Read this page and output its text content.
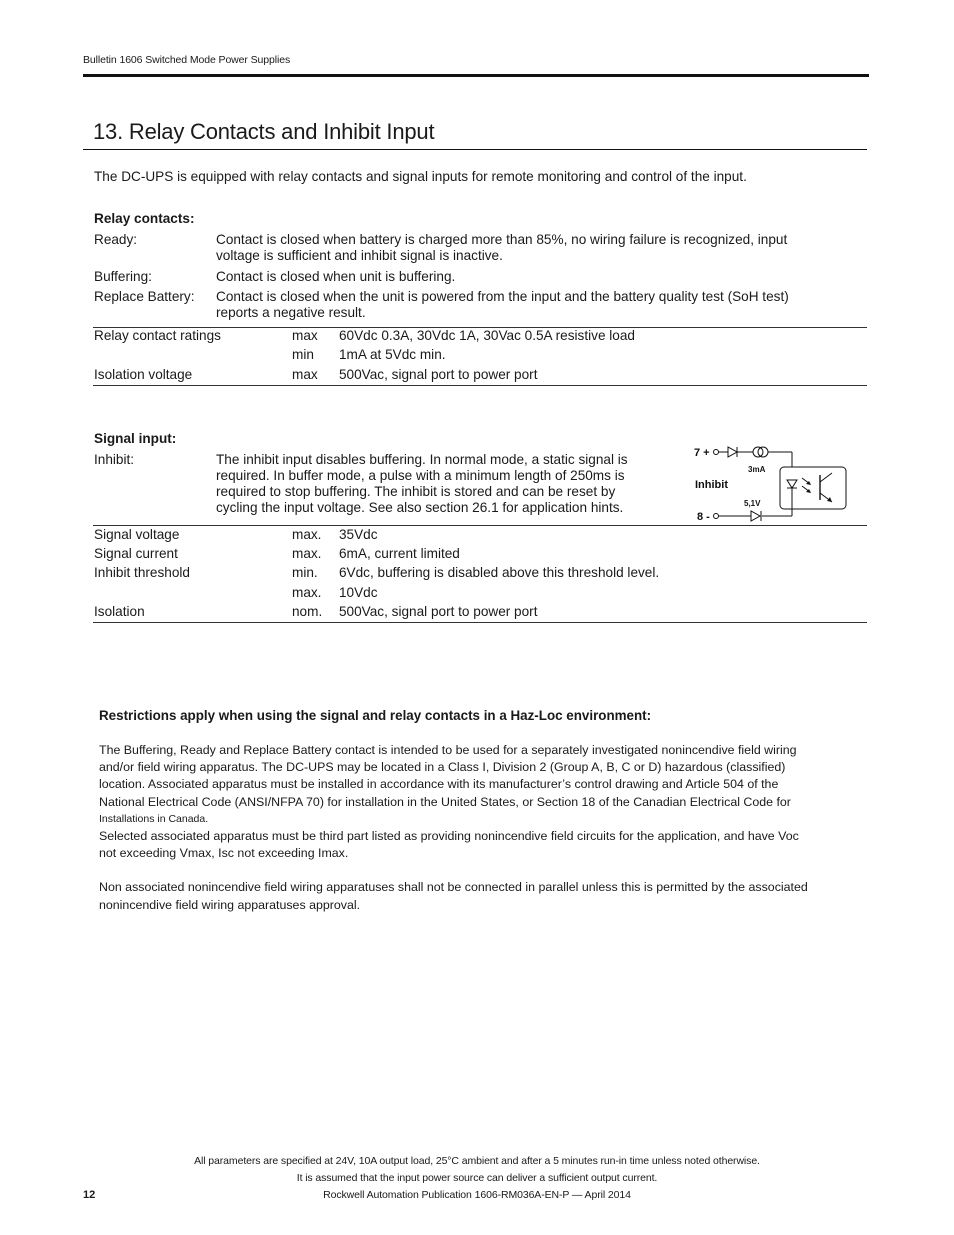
Bulletin 1606 Switched Mode Power Supplies
13. Relay Contacts and Inhibit Input
The DC-UPS is equipped with relay contacts and signal inputs for remote monitoring and control of the input.
Relay contacts:
Ready:	Contact is closed when battery is charged more than 85%, no wiring failure is recognized, input
voltage is sufficient and inhibit signal is inactive.
Buffering:	Contact is closed when unit is buffering.
Replace Battery: Contact is closed when the unit is powered from the input and the battery quality test (SoH test)
reports a negative result.
Relay contact ratings	max 60Vdc 0.3A, 30Vdc 1A, 30Vac 0.5A resistive load
min 1mA at 5Vdc min.
Isolation voltage	max 500Vac, signal port to power port
Signal input:
Inhibit:	The inhibit input disables buffering. In normal mode, a static signal is
required. In buffer mode, a pulse with a minimum length of 250ms is
required to stop buffering. The inhibit is stored and can be reset by
cycling the input voltage. See also section 26.1 for application hints.
7 +
3mA
Inhibit
5,1V
8 -
Signal voltage	max. 35Vdc
Signal current	max. 6mA, current limited
Inhibit threshold	min. 6Vdc, buffering is disabled above this threshold level.
max. 10Vdc
Isolation	nom. 500Vac, signal port to power port
Restrictions apply when using the signal and relay contacts in a Haz-Loc environment:
The Buffering, Ready and Replace Battery contact is intended to be used for a separately investigated nonincendive field wiring
and/or field wiring apparatus. The DC-UPS may be located in a Class I, Division 2 (Group A, B, C or D) hazardous (classified)
location. Associated apparatus must be installed in accordance with its manufacturer’s control drawing and Article 504 of the
National Electrical Code (ANSI/NFPA 70) for installation in the United States, or Section 18 of the Canadian Electrical Code for
Installations in Canada.
Selected associated apparatus must be third part listed as providing nonincendive field circuits for the application, and have Voc
not exceeding Vmax, Isc not exceeding Imax.
Non associated nonincendive field wiring apparatuses shall not be connected in parallel unless this is permitted by the associated
nonincendive field wiring apparatuses approval.
All parameters are specified at 24V, 10A output load, 25°C ambient and after a 5 minutes run-in time unless noted otherwise.
It is assumed that the input power source can deliver a sufficient output current.
12	Rockwell Automation Publication 1606-RM036A-EN-P — April 2014
